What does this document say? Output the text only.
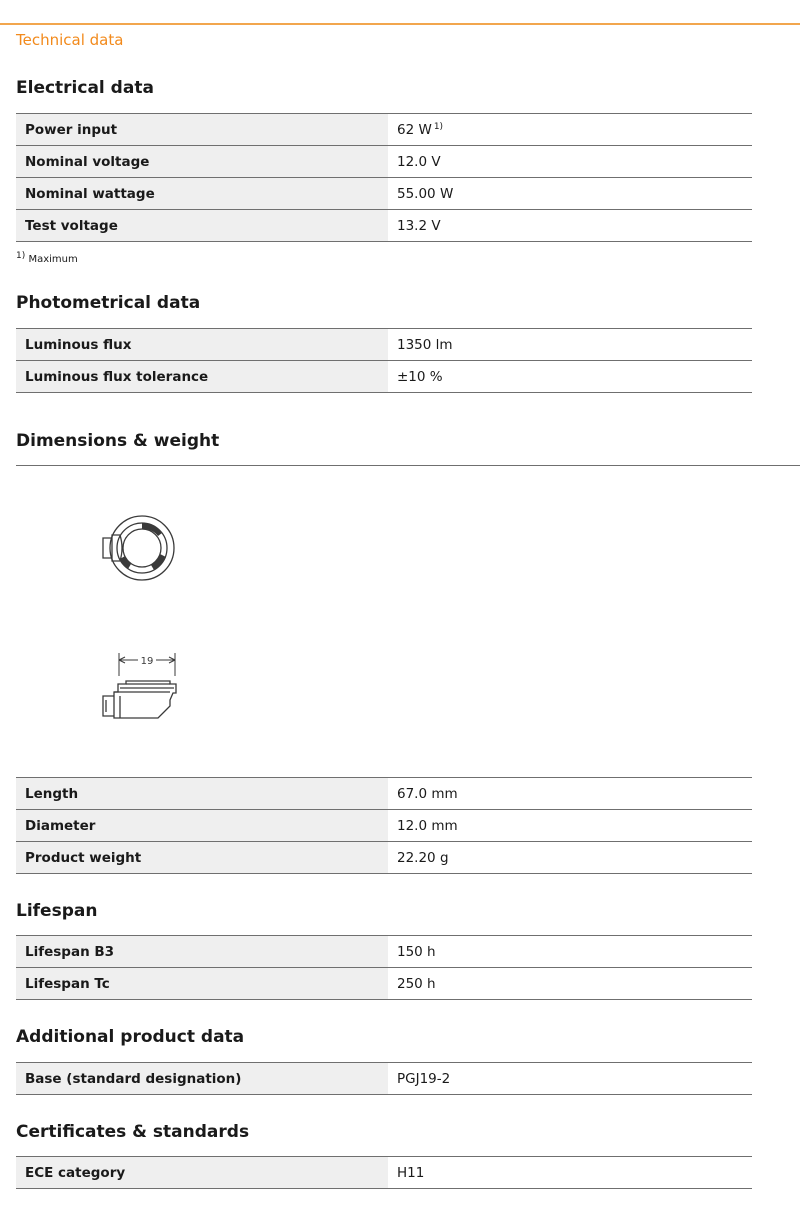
Technical data
Electrical data
Power input	62 W $^{1)}$
Nominal voltage	12.0 V
Nominal wattage	55.00 W
Test voltage	13.2 V
1) Maximum
Photometrical data
Luminous flux	1350 lm
Luminous flux tolerance	±10 %
Dimensions & weight
19
Length	67.0 mm
Diameter	12.0 mm
Product weight	22.20 g
Lifespan
Lifespan B3	150 h
Lifespan Tc	250 h
Additional product data
Base (standard designation)	PGJ19-2
Certificates & standards
ECE category	H11
